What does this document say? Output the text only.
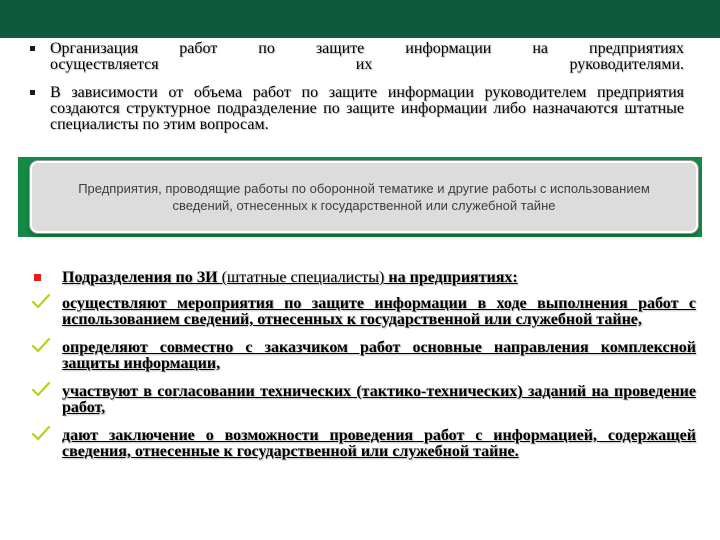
Организация работ по защите информации на предприятиях
осуществляется их руководителями.
В зависимости от объема работ по защите информации руководителем предприятия создаются структурное подразделение по защите информации либо назначаются штатные специалисты по этим вопросам.
Предприятия, проводящие работы по оборонной тематике и другие работы с использованием сведений, отнесенных к государственной или служебной тайне
Подразделения по ЗИ (штатные специалисты) на предприятиях:
осуществляют мероприятия по защите информации в ходе выполнения работ с использованием сведений, отнесенных к государственной или служебной тайне,
определяют совместно с заказчиком работ основные направления комплексной защиты информации,
участвуют в согласовании технических (тактико-технических) заданий на проведение работ,
дают заключение о возможности проведения работ с информацией, содержащей сведения, отнесенные к государственной или служебной тайне.
